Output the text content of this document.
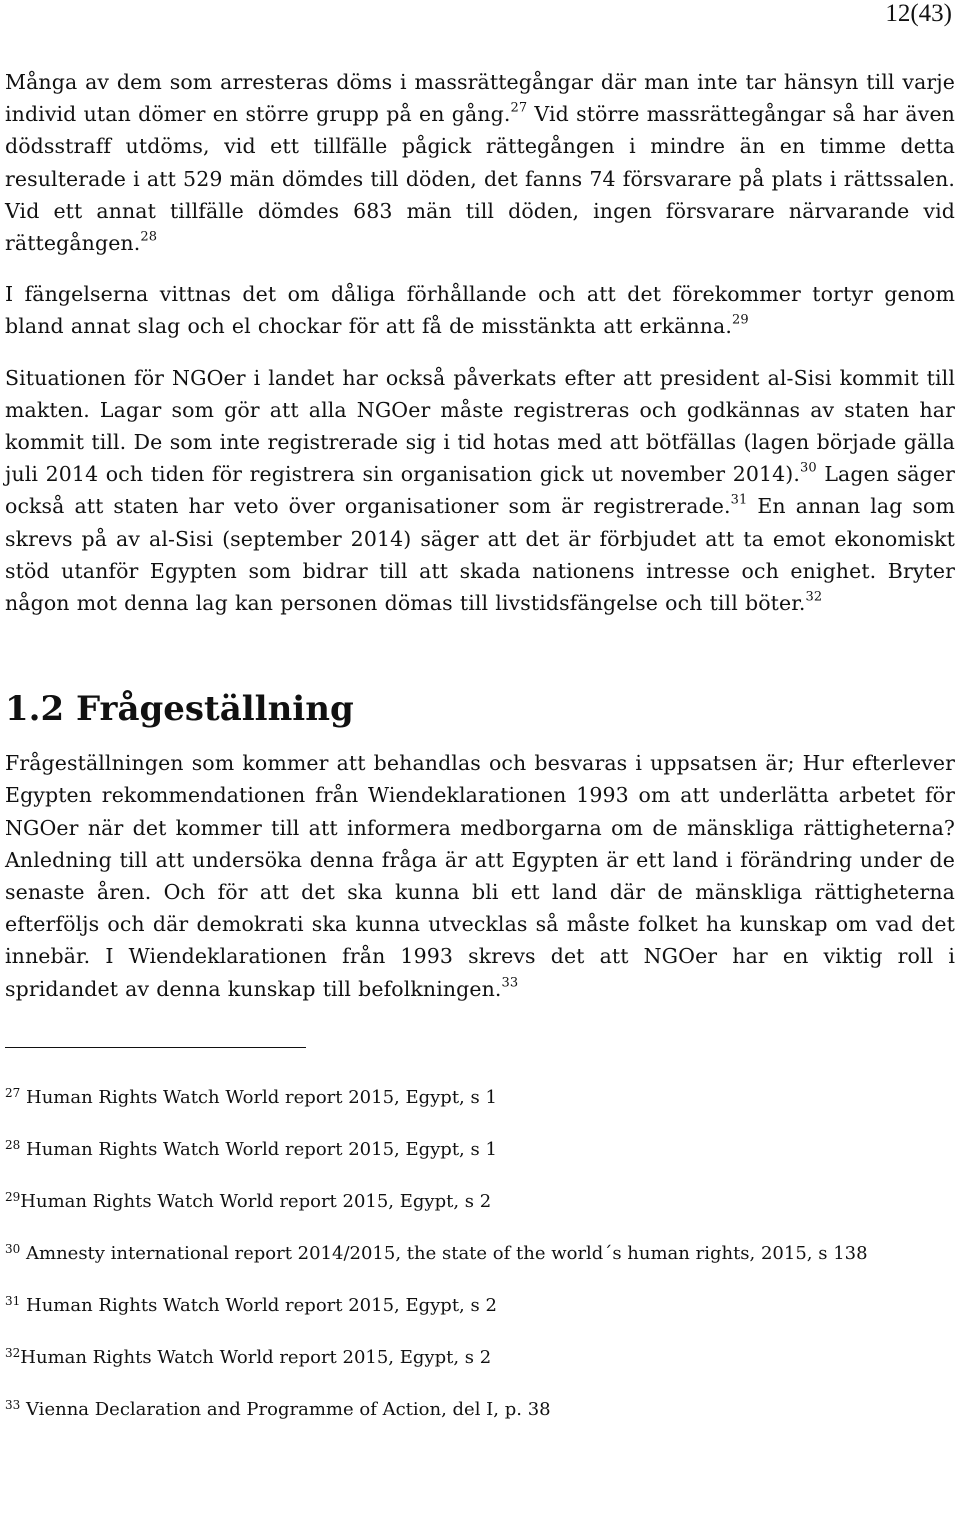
12(43)

Många av dem som arresteras döms i massrättegångar där man inte tar hänsyn till varje individ utan dömer en större grupp på en gång.$^{27}$ Vid större massrättegångar så har även dödsstraff utdöms, vid ett tillfälle pågick rättegången i mindre än en timme detta resulterade i att 529 män dömdes till döden, det fanns 74 försvarare på plats i rättssalen. Vid ett annat tillfälle dömdes 683 män till döden, ingen försvarare närvarande vid rättegången.$^{28}$

I fängelserna vittnas det om dåliga förhållande och att det förekommer tortyr genom bland annat slag och el chockar för att få de misstänkta att erkänna.$^{29}$

Situationen för NGOer i landet har också påverkats efter att president al-Sisi kommit till makten. Lagar som gör att alla NGOer måste registreras och godkännas av staten har kommit till. De som inte registrerade sig i tid hotas med att bötfällas (lagen började gälla juli 2014 och tiden för registrera sin organisation gick ut november 2014).$^{30}$ Lagen säger också att staten har veto över organisationer som är registrerade.$^{31}$ En annan lag som skrevs på av al-Sisi (september 2014) säger att det är förbjudet att ta emot ekonomiskt stöd utanför Egypten som bidrar till att skada nationens intresse och enighet. Bryter någon mot denna lag kan personen dömas till livstidsfängelse och till böter.$^{32}$

1.2 Frågeställning

Frågeställningen som kommer att behandlas och besvaras i uppsatsen är; Hur efterlever Egypten rekommendationen från Wiendeklarationen 1993 om att underlätta arbetet för NGOer när det kommer till att informera medborgarna om de mänskliga rättigheterna? Anledning till att undersöka denna fråga är att Egypten är ett land i förändring under de senaste åren. Och för att det ska kunna bli ett land där de mänskliga rättigheterna efterföljs och där demokrati ska kunna utvecklas så måste folket ha kunskap om vad det innebär. I Wiendeklarationen från 1993 skrevs det att NGOer har en viktig roll i spridandet av denna kunskap till befolkningen.$^{33}$

$^{27}$ Human Rights Watch World report 2015, Egypt, s 1
$^{28}$ Human Rights Watch World report 2015, Egypt, s 1
$^{29}$Human Rights Watch World report 2015, Egypt, s 2
$^{30}$ Amnesty international report 2014/2015, the state of the world´s human rights, 2015, s 138
$^{31}$ Human Rights Watch World report 2015, Egypt, s 2
$^{32}$Human Rights Watch World report 2015, Egypt, s 2
$^{33}$ Vienna Declaration and Programme of Action, del I, p. 38
